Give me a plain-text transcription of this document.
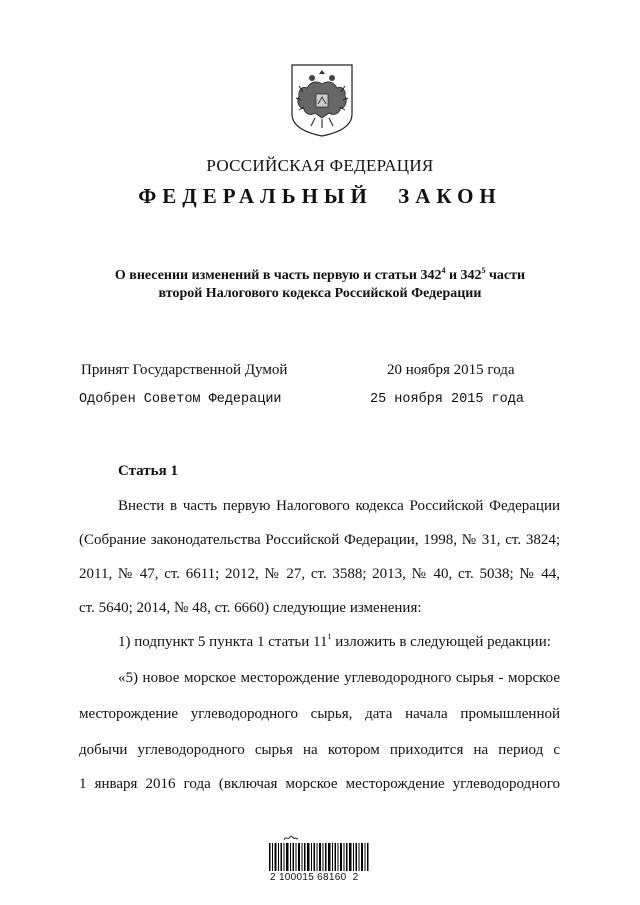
РОССИЙСКАЯ ФЕДЕРАЦИЯ
ФЕДЕРАЛЬНЫЙ ЗАКОН
О внесении изменений в часть первую и статьи $342^4$ и $342^5$ части
второй Налогового кодекса Российской Федерации
Принят Государственной Думой	20 ноября 2015 года
Одобрен Советом Федерации	25 ноября 2015 года
Статья 1
Внести в часть первую Налогового кодекса Российской Федерации
(Собрание законодательства Российской Федерации, 1998, № 31, ст. 3824;
2011, № 47, ст. 6611; 2012, № 27, ст. 3588; 2013, № 40, ст. 5038; № 44,
ст. 5640; 2014, № 48, ст. 6660) следующие изменения:
1) подпункт 5 пункта 1 статьи $11^1$ изложить в следующей редакции:
«5) новое морское месторождение углеводородного сырья - морское
месторождение углеводородного сырья, дата начала промышленной
добычи углеводородного сырья на котором приходится на период с
1 января 2016 года (включая морское месторождение углеводородного
2 100015 68160  2
